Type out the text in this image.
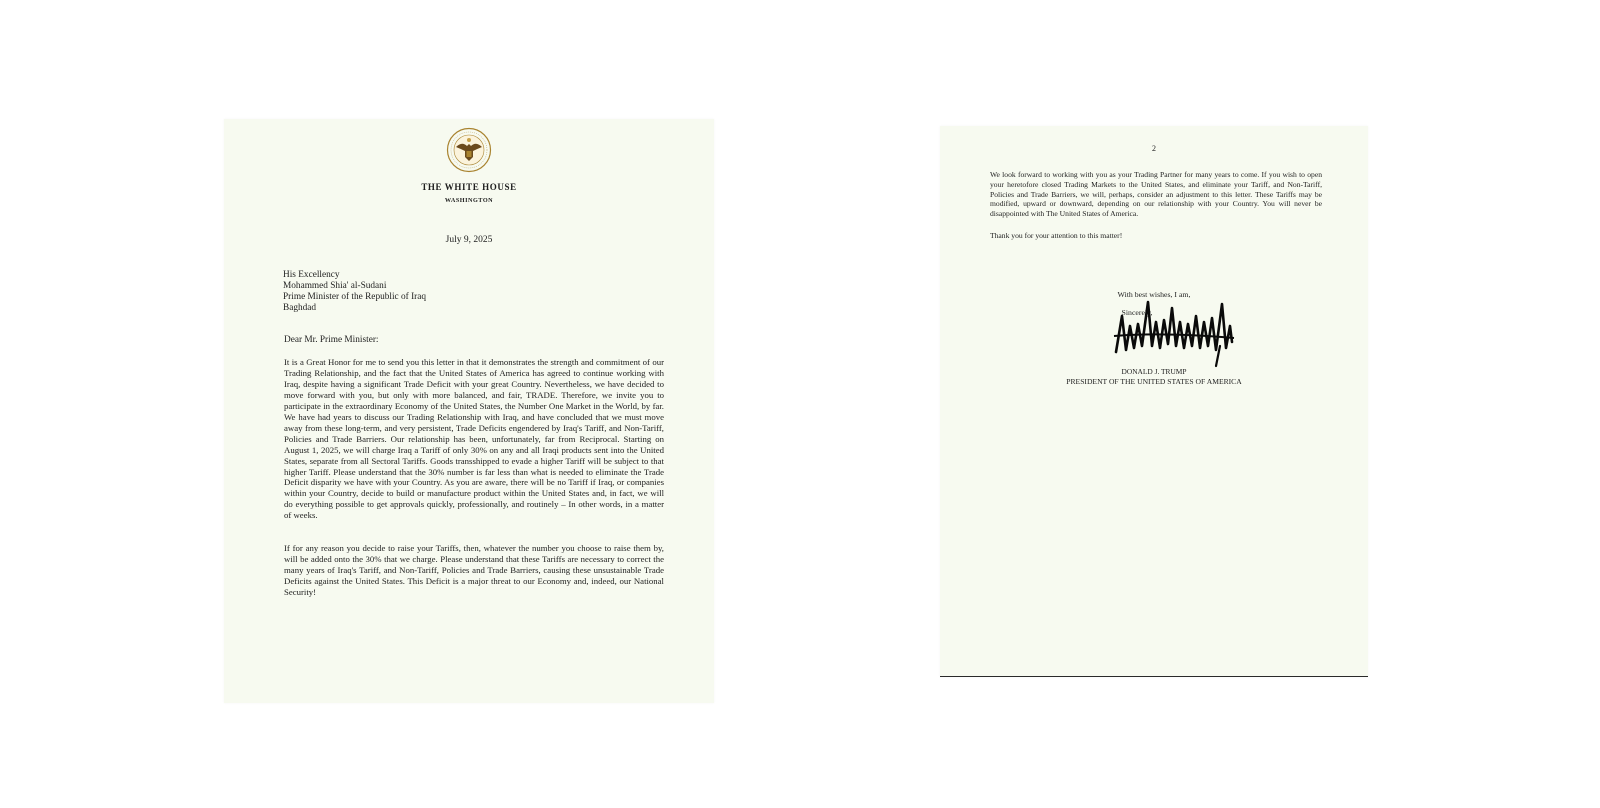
THE WHITE HOUSE
WASHINGTON
July 9, 2025
His Excellency
Mohammed Shia' al-Sudani
Prime Minister of the Republic of Iraq
Baghdad
Dear Mr. Prime Minister:
It is a Great Honor for me to send you this letter in that it demonstrates the strength and commitment of our Trading Relationship, and the fact that the United States of America has agreed to continue working with Iraq, despite having a significant Trade Deficit with your great Country. Nevertheless, we have decided to move forward with you, but only with more balanced, and fair, TRADE. Therefore, we invite you to participate in the extraordinary Economy of the United States, the Number One Market in the World, by far. We have had years to discuss our Trading Relationship with Iraq, and have concluded that we must move away from these long-term, and very persistent, Trade Deficits engendered by Iraq's Tariff, and Non-Tariff, Policies and Trade Barriers. Our relationship has been, unfortunately, far from Reciprocal. Starting on August 1, 2025, we will charge Iraq a Tariff of only 30% on any and all Iraqi products sent into the United States, separate from all Sectoral Tariffs. Goods transshipped to evade a higher Tariff will be subject to that higher Tariff. Please understand that the 30% number is far less than what is needed to eliminate the Trade Deficit disparity we have with your Country. As you are aware, there will be no Tariff if Iraq, or companies within your Country, decide to build or manufacture product within the United States and, in fact, we will do everything possible to get approvals quickly, professionally, and routinely – In other words, in a matter of weeks.
If for any reason you decide to raise your Tariffs, then, whatever the number you choose to raise them by, will be added onto the 30% that we charge. Please understand that these Tariffs are necessary to correct the many years of Iraq's Tariff, and Non-Tariff, Policies and Trade Barriers, causing these unsustainable Trade Deficits against the United States. This Deficit is a major threat to our Economy and, indeed, our National Security!
2
We look forward to working with you as your Trading Partner for many years to come. If you wish to open your heretofore closed Trading Markets to the United States, and eliminate your Tariff, and Non-Tariff, Policies and Trade Barriers, we will, perhaps, consider an adjustment to this letter. These Tariffs may be modified, upward or downward, depending on our relationship with your Country. You will never be disappointed with The United States of America.
Thank you for your attention to this matter!
With best wishes, I am,
Sincerely,
DONALD J. TRUMP
PRESIDENT OF THE UNITED STATES OF AMERICA
